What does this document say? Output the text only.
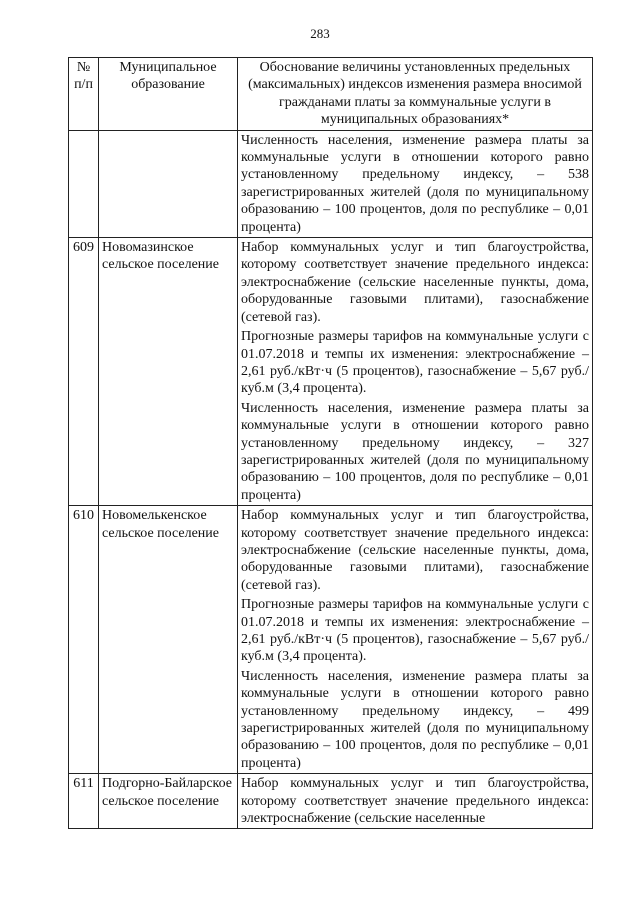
283
№ п/п	Муниципальное образование	Обоснование величины установленных предельных (максимальных) индексов изменения размера вносимой гражданами платы за коммунальные услуги в муниципальных образованиях*

		Численность населения, изменение размера платы за коммунальные услуги в отношении которого равно установленному предельному индексу, – 538 зарегистрированных жителей (доля по муниципальному образованию – 100 процентов, доля по республике – 0,01 процента)

609	Новомазинское сельское поселение	Набор коммунальных услуг и тип благоустройства, которому соответствует значение предельного индекса: электроснабжение (сельские населенные пункты, дома, оборудованные газовыми плитами), газоснабжение (сетевой газ).

Прогнозные размеры тарифов на коммунальные услуги с 01.07.2018 и темпы их изменения: электроснабжение – 2,61 руб./кВт·ч (5 процентов), газоснабжение – 5,67 руб./куб.м (3,4 процента).

Численность населения, изменение размера платы за коммунальные услуги в отношении которого равно установленному предельному индексу, – 327 зарегистрированных жителей (доля по муниципальному образованию – 100 процентов, доля по республике – 0,01 процента)

610	Новомелькенское сельское поселение	Набор коммунальных услуг и тип благоустройства, которому соответствует значение предельного индекса: электроснабжение (сельские населенные пункты, дома, оборудованные газовыми плитами), газоснабжение (сетевой газ).

Прогнозные размеры тарифов на коммунальные услуги с 01.07.2018 и темпы их изменения: электроснабжение – 2,61 руб./кВт·ч (5 процентов), газоснабжение – 5,67 руб./куб.м (3,4 процента).

Численность населения, изменение размера платы за коммунальные услуги в отношении которого равно установленному предельному индексу, – 499 зарегистрированных жителей (доля по муниципальному образованию – 100 процентов, доля по республике – 0,01 процента)

611	Подгорно-Байларское сельское поселение	Набор коммунальных услуг и тип благоустройства, которому соответствует значение предельного индекса: электроснабжение (сельские населенные
